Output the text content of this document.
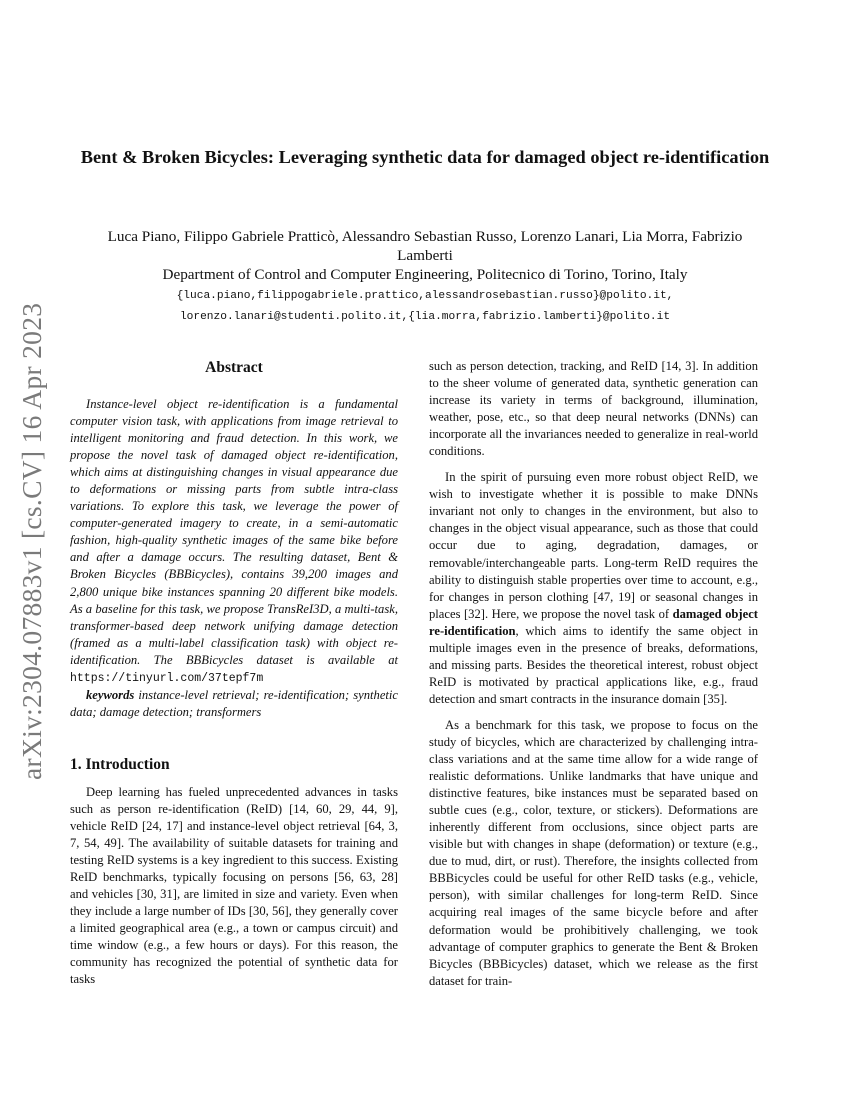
arXiv:2304.07883v1 [cs.CV] 16 Apr 2023
Bent & Broken Bicycles: Leveraging synthetic data for damaged object re-identification
Luca Piano, Filippo Gabriele Pratticò, Alessandro Sebastian Russo, Lorenzo Lanari, Lia Morra, Fabrizio Lamberti
Department of Control and Computer Engineering, Politecnico di Torino, Torino, Italy
{luca.piano,filippogabriele.prattico,alessandrosebastian.russo}@polito.it,
lorenzo.lanari@studenti.polito.it,{lia.morra,fabrizio.lamberti}@polito.it
Abstract

Instance-level object re-identification is a fundamental computer vision task, with applications from image retrieval to intelligent monitoring and fraud detection. In this work, we propose the novel task of damaged object re-identification, which aims at distinguishing changes in visual appearance due to deformations or missing parts from subtle intra-class variations. To explore this task, we leverage the power of computer-generated imagery to create, in a semi-automatic fashion, high-quality synthetic images of the same bike before and after a damage occurs. The resulting dataset, Bent & Broken Bicycles (BBBicycles), contains 39,200 images and 2,800 unique bike instances spanning 20 different bike models. As a baseline for this task, we propose TransReI3D, a multi-task, transformer-based deep network unifying damage detection (framed as a multi-label classification task) with object re-identification. The BBBicycles dataset is available at https://tinyurl.com/37tepf7m

keywords instance-level retrieval; re-identification; synthetic data; damage detection; transformers

1. Introduction

Deep learning has fueled unprecedented advances in tasks such as person re-identification (ReID) [14, 60, 29, 44, 9], vehicle ReID [24, 17] and instance-level object retrieval [64, 3, 7, 54, 49]. The availability of suitable datasets for training and testing ReID systems is a key ingredient to this success. Existing ReID benchmarks, typically focusing on persons [56, 63, 28] and vehicles [30, 31], are limited in size and variety. Even when they include a large number of IDs [30, 56], they generally cover a limited geographical area (e.g., a town or campus circuit) and time window (e.g., a few hours or days). For this reason, the community has recognized the potential of synthetic data for tasks

such as person detection, tracking, and ReID [14, 3]. In addition to the sheer volume of generated data, synthetic generation can increase its variety in terms of background, illumination, weather, pose, etc., so that deep neural networks (DNNs) can incorporate all the invariances needed to generalize in real-world conditions.

In the spirit of pursuing even more robust object ReID, we wish to investigate whether it is possible to make DNNs invariant not only to changes in the environment, but also to changes in the object visual appearance, such as those that could occur due to aging, degradation, damages, or removable/interchangeable parts. Long-term ReID requires the ability to distinguish stable properties over time to account, e.g., for changes in person clothing [47, 19] or seasonal changes in places [32]. Here, we propose the novel task of damaged object re-identification, which aims to identify the same object in multiple images even in the presence of breaks, deformations, and missing parts. Besides the theoretical interest, robust object ReID is motivated by practical applications like, e.g., fraud detection and smart contracts in the insurance domain [35].

As a benchmark for this task, we propose to focus on the study of bicycles, which are characterized by challenging intra-class variations and at the same time allow for a wide range of realistic deformations. Unlike landmarks that have unique and distinctive features, bike instances must be separated based on subtle cues (e.g., color, texture, or stickers). Deformations are inherently different from occlusions, since object parts are visible but with changes in shape (deformation) or texture (e.g., due to mud, dirt, or rust). Therefore, the insights collected from BBBicycles could be useful for other ReID tasks (e.g., vehicle, person), with similar challenges for long-term ReID. Since acquiring real images of the same bicycle before and after deformation would be prohibitively challenging, we took advantage of computer graphics to generate the Bent & Broken Bicycles (BBBicycles) dataset, which we release as the first dataset for train-
